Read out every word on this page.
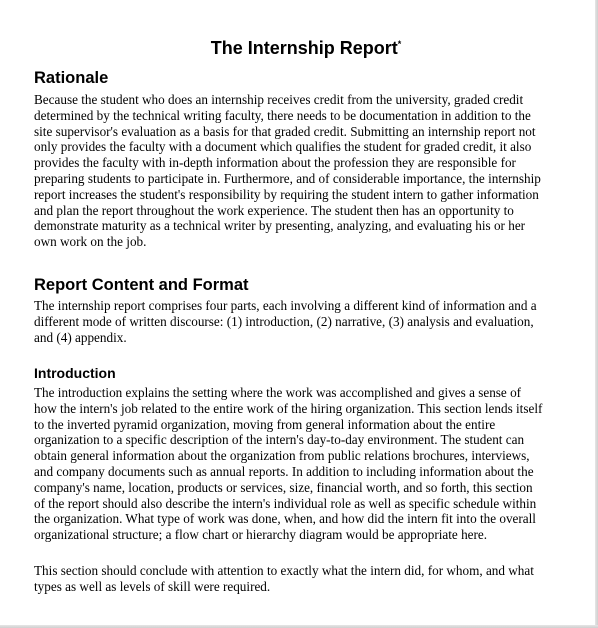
The Internship Report*
Rationale

Because the student who does an internship receives credit from the university, graded credit
determined by the technical writing faculty, there needs to be documentation in addition to the
site supervisor's evaluation as a basis for that graded credit. Submitting an internship report not
only provides the faculty with a document which qualifies the student for graded credit, it also
provides the faculty with in-depth information about the profession they are responsible for
preparing students to participate in. Furthermore, and of considerable importance, the internship
report increases the student's responsibility by requiring the student intern to gather information
and plan the report throughout the work experience. The student then has an opportunity to
demonstrate maturity as a technical writer by presenting, analyzing, and evaluating his or her
own work on the job.

Report Content and Format

The internship report comprises four parts, each involving a different kind of information and a
different mode of written discourse: (1) introduction, (2) narrative, (3) analysis and evaluation,
and (4) appendix.

Introduction

The introduction explains the setting where the work was accomplished and gives a sense of
how the intern's job related to the entire work of the hiring organization. This section lends itself
to the inverted pyramid organization, moving from general information about the entire
organization to a specific description of the intern's day-to-day environment. The student can
obtain general information about the organization from public relations brochures, interviews,
and company documents such as annual reports. In addition to including information about the
company's name, location, products or services, size, financial worth, and so forth, this section
of the report should also describe the intern's individual role as well as specific schedule within
the organization. What type of work was done, when, and how did the intern fit into the overall
organizational structure; a flow chart or hierarchy diagram would be appropriate here.

This section should conclude with attention to exactly what the intern did, for whom, and what
types as well as levels of skill were required.
